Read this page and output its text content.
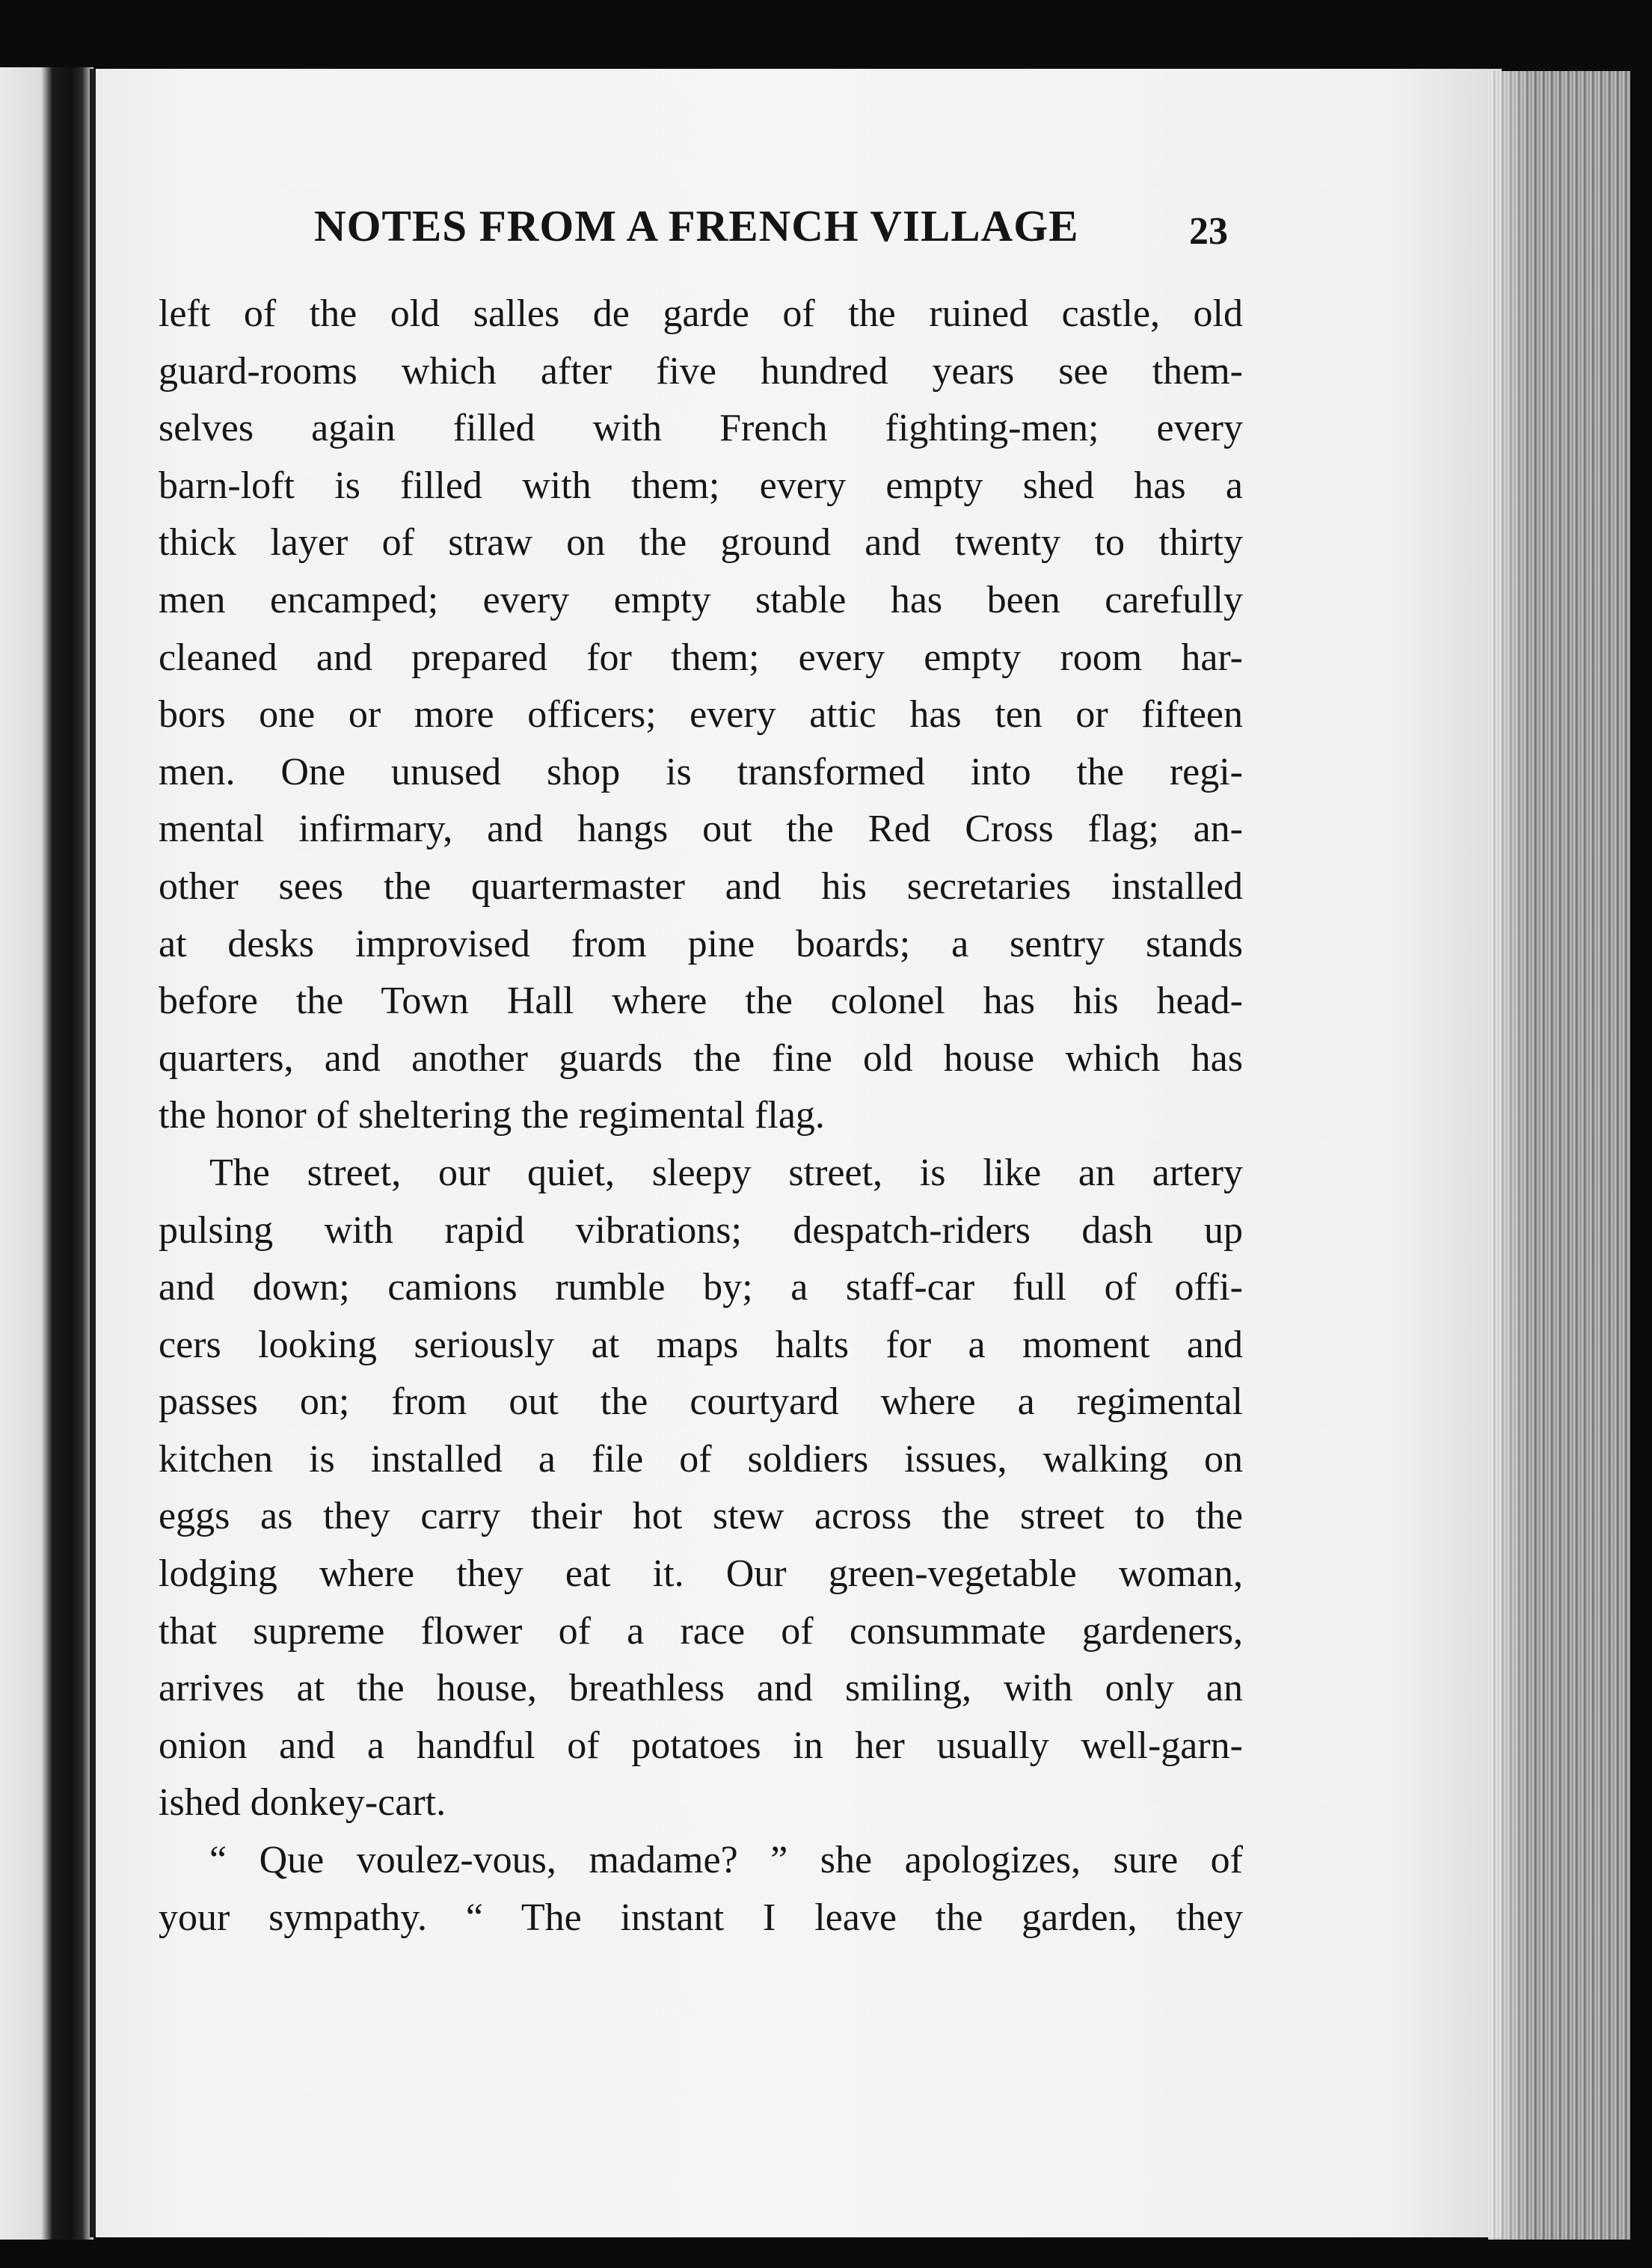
NOTES FROM A FRENCH VILLAGE	23
left of the old salles de garde of the ruined castle, old
guard-rooms which after five hundred years see them-
selves again filled with French fighting-men; every
barn-loft is filled with them; every empty shed has a
thick layer of straw on the ground and twenty to thirty
men encamped; every empty stable has been carefully
cleaned and prepared for them; every empty room har-
bors one or more officers; every attic has ten or fifteen
men. One unused shop is transformed into the regi-
mental infirmary, and hangs out the Red Cross flag; an-
other sees the quartermaster and his secretaries installed
at desks improvised from pine boards; a sentry stands
before the Town Hall where the colonel has his head-
quarters, and another guards the fine old house which has
the honor of sheltering the regimental flag.
The street, our quiet, sleepy street, is like an artery
pulsing with rapid vibrations; despatch-riders dash up
and down; camions rumble by; a staff-car full of offi-
cers looking seriously at maps halts for a moment and
passes on; from out the courtyard where a regimental
kitchen is installed a file of soldiers issues, walking on
eggs as they carry their hot stew across the street to the
lodging where they eat it. Our green-vegetable woman,
that supreme flower of a race of consummate gardeners,
arrives at the house, breathless and smiling, with only an
onion and a handful of potatoes in her usually well-garn-
ished donkey-cart.
“ Que voulez-vous, madame? ” she apologizes, sure of
your sympathy. “ The instant I leave the garden, they
